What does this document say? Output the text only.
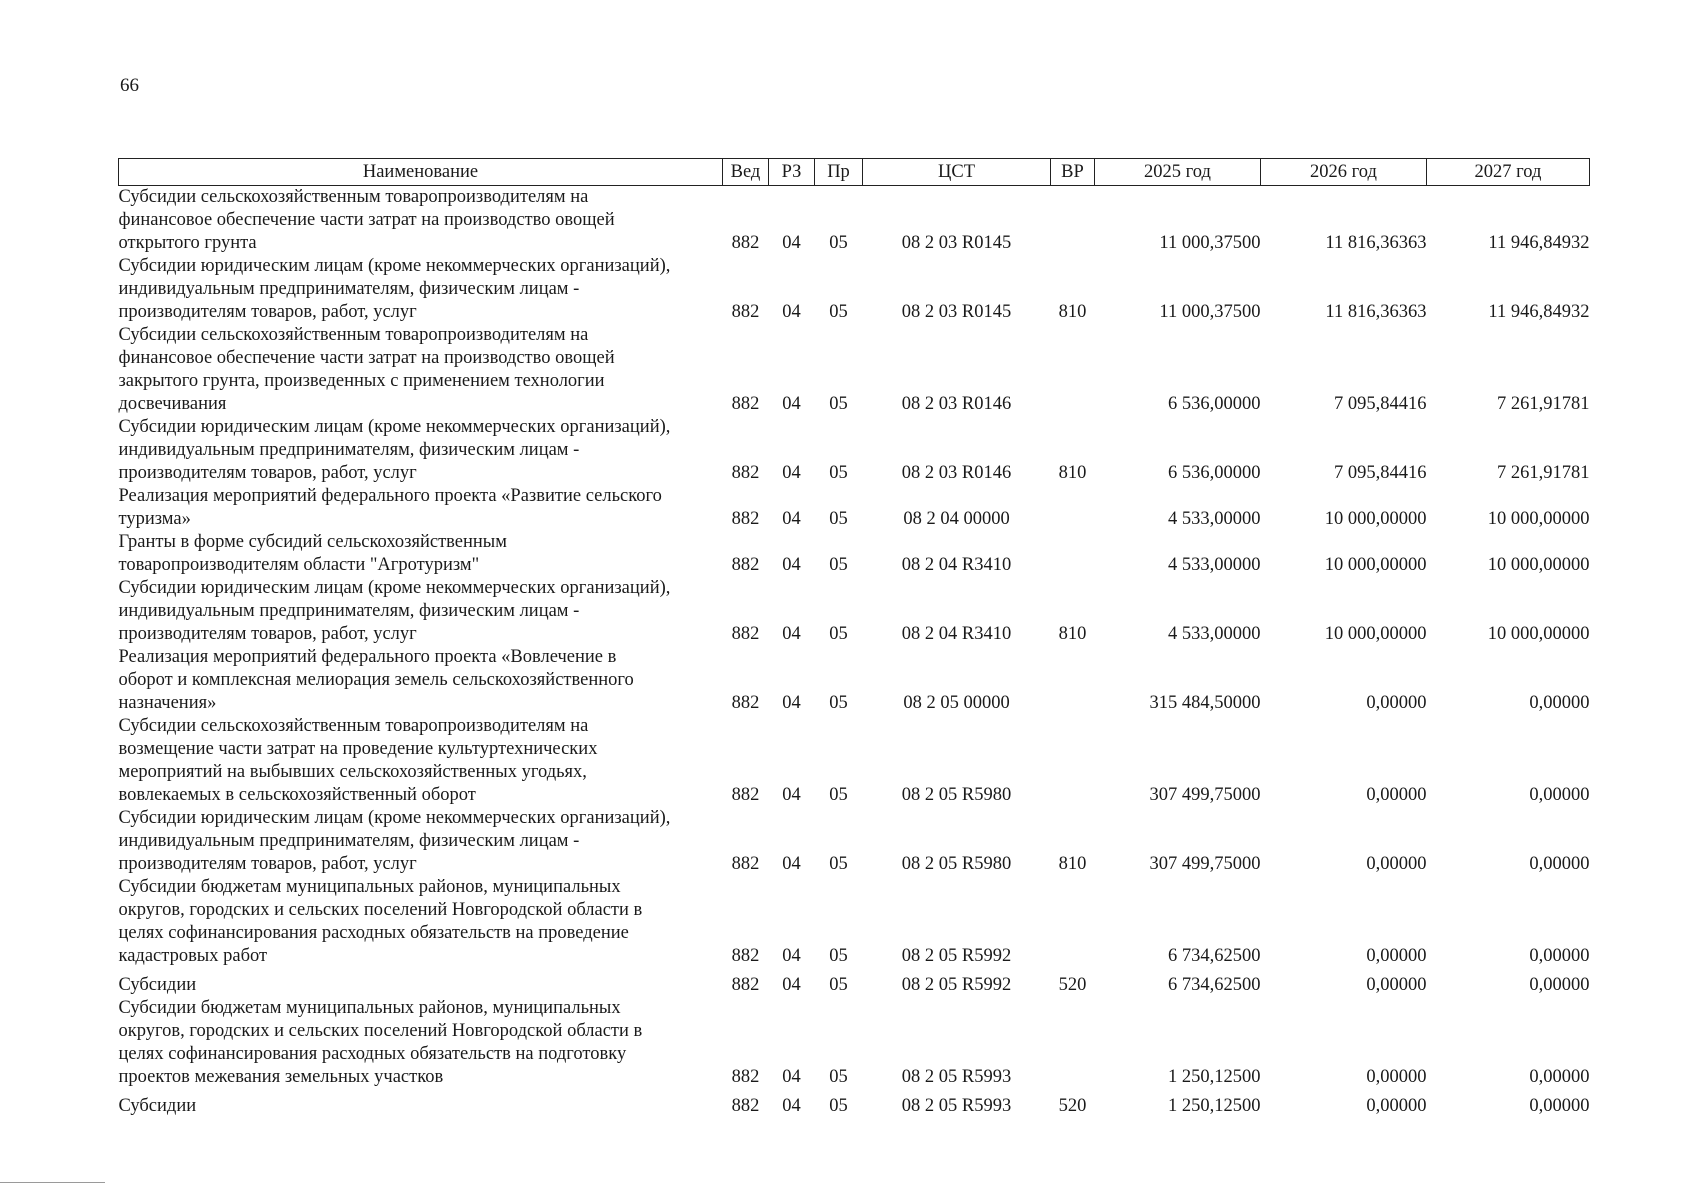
66
Наименование	Вед	РЗ	Пр	ЦСТ	ВР	2025 год	2026 год	2027 год

Субсидии сельскохозяйственным товаропроизводителям на
финансовое обеспечение части затрат на производство овощей
открытого грунта	882	04	05	08 2 03 R0145		11 000,37500	11 816,36363	11 946,84932

Субсидии юридическим лицам (кроме некоммерческих организаций),
индивидуальным предпринимателям, физическим лицам -
производителям товаров, работ, услуг	882	04	05	08 2 03 R0145	810	11 000,37500	11 816,36363	11 946,84932

Субсидии сельскохозяйственным товаропроизводителям на
финансовое обеспечение части затрат на производство овощей
закрытого грунта, произведенных с применением технологии
досвечивания	882	04	05	08 2 03 R0146		6 536,00000	7 095,84416	7 261,91781

Субсидии юридическим лицам (кроме некоммерческих организаций),
индивидуальным предпринимателям, физическим лицам -
производителям товаров, работ, услуг	882	04	05	08 2 03 R0146	810	6 536,00000	7 095,84416	7 261,91781

Реализация мероприятий федерального проекта «Развитие сельского
туризма»	882	04	05	08 2 04 00000		4 533,00000	10 000,00000	10 000,00000

Гранты в форме субсидий сельскохозяйственным
товаропроизводителям области "Агротуризм"	882	04	05	08 2 04 R3410		4 533,00000	10 000,00000	10 000,00000

Субсидии юридическим лицам (кроме некоммерческих организаций),
индивидуальным предпринимателям, физическим лицам -
производителям товаров, работ, услуг	882	04	05	08 2 04 R3410	810	4 533,00000	10 000,00000	10 000,00000

Реализация мероприятий федерального проекта «Вовлечение в
оборот и комплексная мелиорация земель сельскохозяйственного
назначения»	882	04	05	08 2 05 00000		315 484,50000	0,00000	0,00000

Субсидии сельскохозяйственным товаропроизводителям на
возмещение части затрат на проведение культуртехнических
мероприятий на выбывших сельскохозяйственных угодьях,
вовлекаемых в сельскохозяйственный оборот	882	04	05	08 2 05 R5980		307 499,75000	0,00000	0,00000

Субсидии юридическим лицам (кроме некоммерческих организаций),
индивидуальным предпринимателям, физическим лицам -
производителям товаров, работ, услуг	882	04	05	08 2 05 R5980	810	307 499,75000	0,00000	0,00000

Субсидии бюджетам муниципальных районов, муниципальных
округов, городских и сельских поселений Новгородской области в
целях софинансирования расходных обязательств на проведение
кадастровых работ	882	04	05	08 2 05 R5992		6 734,62500	0,00000	0,00000

Субсидии	882	04	05	08 2 05 R5992	520	6 734,62500	0,00000	0,00000

Субсидии бюджетам муниципальных районов, муниципальных
округов, городских и сельских поселений Новгородской области в
целях софинансирования расходных обязательств на подготовку
проектов межевания земельных участков	882	04	05	08 2 05 R5993		1 250,12500	0,00000	0,00000

Субсидии	882	04	05	08 2 05 R5993	520	1 250,12500	0,00000	0,00000
